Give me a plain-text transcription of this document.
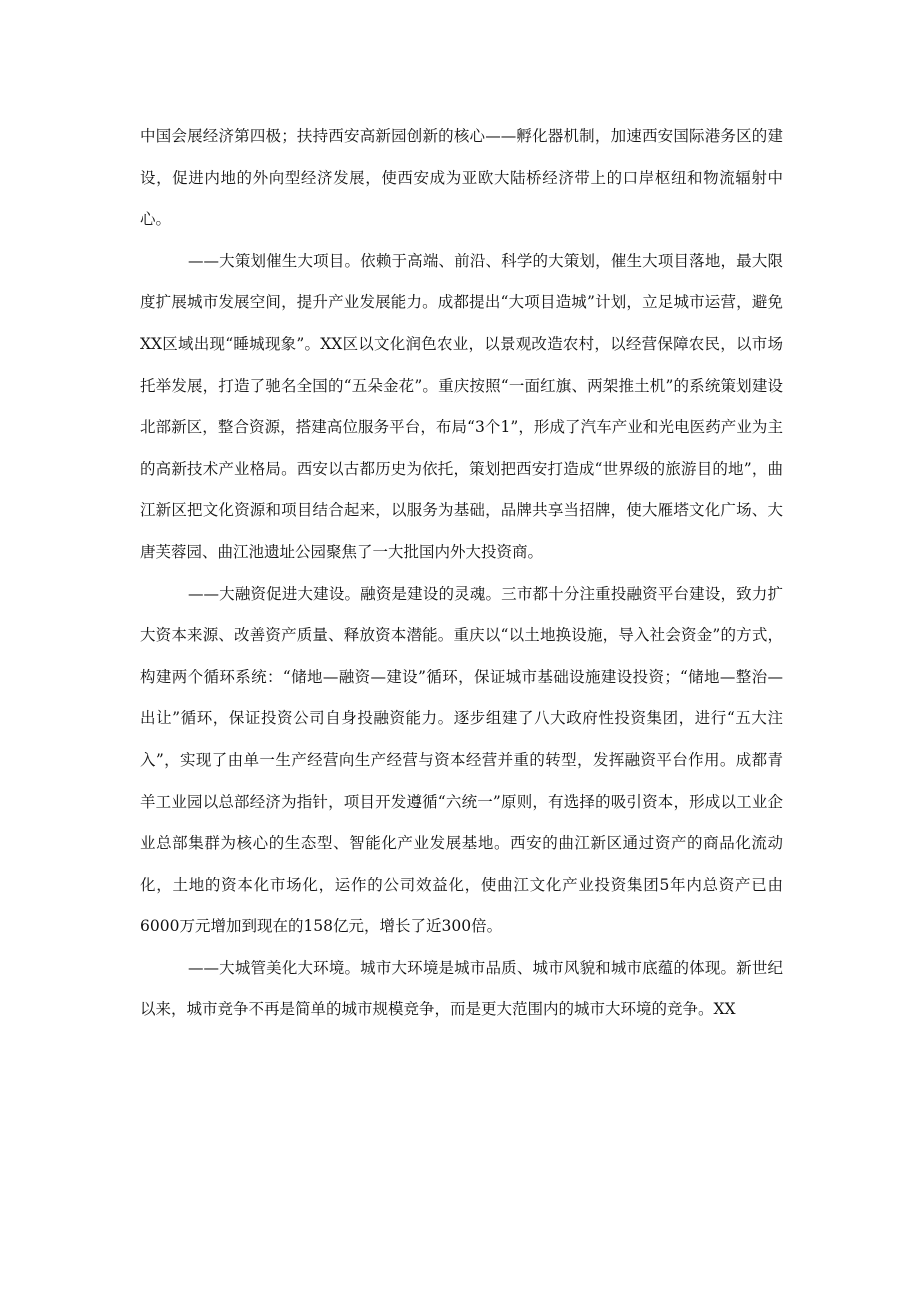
中国会展经济第四极；扶持西安高新园创新的核心——孵化器机制，加速西安国际港务区的建设，促进内地的外向型经济发展，使西安成为亚欧大陆桥经济带上的口岸枢纽和物流辐射中心。

——大策划催生大项目。依赖于高端、前沿、科学的大策划，催生大项目落地，最大限度扩展城市发展空间，提升产业发展能力。成都提出“大项目造城”计划，立足城市运营，避免XX区域出现“睡城现象”。XX区以文化润色农业，以景观改造农村，以经营保障农民，以市场托举发展，打造了驰名全国的“五朵金花”。重庆按照“一面红旗、两架推土机”的系统策划建设北部新区，整合资源，搭建高位服务平台，布局“3个1”，形成了汽车产业和光电医药产业为主的高新技术产业格局。西安以古都历史为依托，策划把西安打造成“世界级的旅游目的地”，曲江新区把文化资源和项目结合起来，以服务为基础，品牌共享当招牌，使大雁塔文化广场、大唐芙蓉园、曲江池遗址公园聚焦了一大批国内外大投资商。

——大融资促进大建设。融资是建设的灵魂。三市都十分注重投融资平台建设，致力扩大资本来源、改善资产质量、释放资本潜能。重庆以“以土地换设施，导入社会资金”的方式，构建两个循环系统：“储地—融资—建设”循环，保证城市基础设施建设投资；“储地—整治—出让”循环，保证投资公司自身投融资能力。逐步组建了八大政府性投资集团，进行“五大注入”，实现了由单一生产经营向生产经营与资本经营并重的转型，发挥融资平台作用。成都青羊工业园以总部经济为指针，项目开发遵循“六统一”原则，有选择的吸引资本，形成以工业企业总部集群为核心的生态型、智能化产业发展基地。西安的曲江新区通过资产的商品化流动化，土地的资本化市场化，运作的公司效益化，使曲江文化产业投资集团5年内总资产已由6000万元增加到现在的158亿元，增长了近300倍。

——大城管美化大环境。城市大环境是城市品质、城市风貌和城市底蕴的体现。新世纪以来，城市竞争不再是简单的城市规模竞争，而是更大范围内的城市大环境的竞争。XX
